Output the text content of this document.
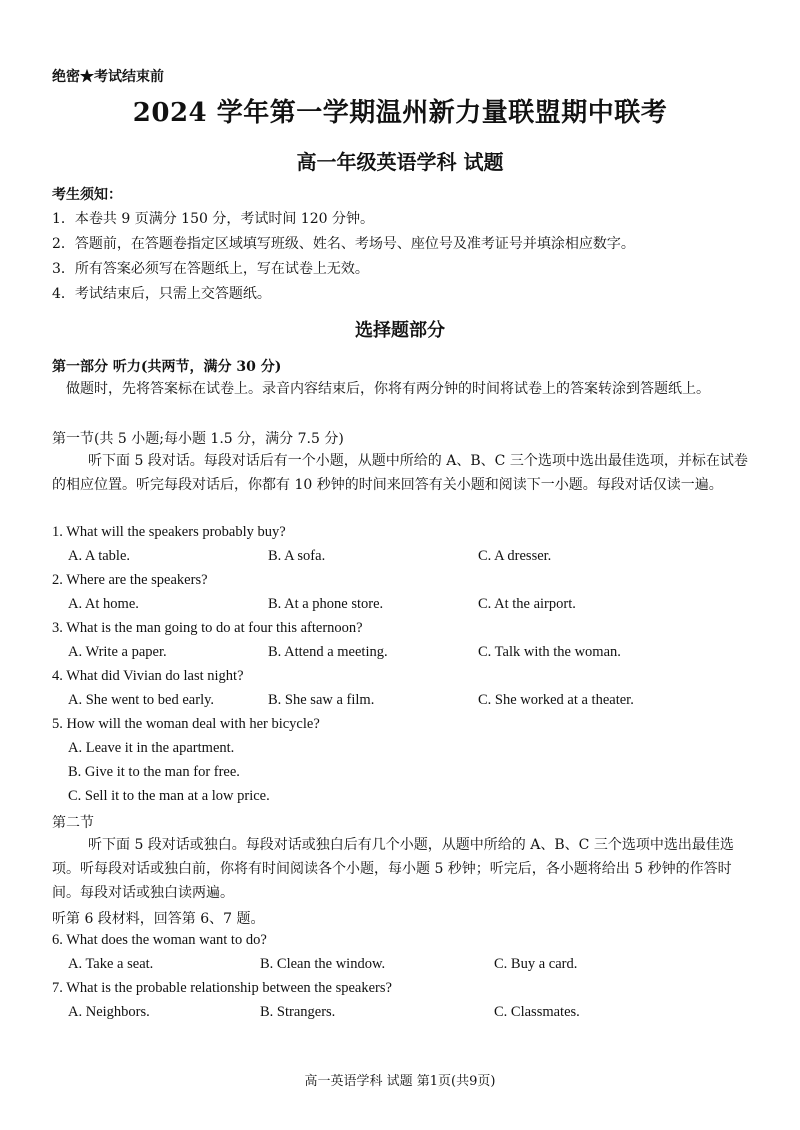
绝密★考试结束前
2024 学年第一学期温州新力量联盟期中联考
高一年级英语学科 试题
考生须知：
1．本卷共 9 页满分 150 分，考试时间 120 分钟。
2．答题前，在答题卷指定区域填写班级、姓名、考场号、座位号及准考证号并填涂相应数字。
3．所有答案必须写在答题纸上，写在试卷上无效。
4．考试结束后，只需上交答题纸。
选择题部分
第一部分 听力(共两节，满分 30 分)
做题时，先将答案标在试卷上。录音内容结束后，你将有两分钟的时间将试卷上的答案转涂到答题纸上。
第一节(共 5 小题;每小题 1.5 分，满分 7.5 分)
听下面 5 段对话。每段对话后有一个小题，从题中所给的 A、B、C 三个选项中选出最佳选项，并标在试卷的相应位置。听完每段对话后，你都有 10 秒钟的时间来回答有关小题和阅读下一小题。每段对话仅读一遍。
1. What will the speakers probably buy?
A. A table.	B. A sofa.	C. A dresser.
2. Where are the speakers?
A. At home.	B. At a phone store.	C. At the airport.
3. What is the man going to do at four this afternoon?
A. Write a paper.	B. Attend a meeting.	C. Talk with the woman.
4. What did Vivian do last night?
A. She went to bed early.	B. She saw a film.	C. She worked at a theater.
5. How will the woman deal with her bicycle?
A. Leave it in the apartment.
B. Give it to the man for free.
C. Sell it to the man at a low price.
第二节
听下面 5 段对话或独白。每段对话或独白后有几个小题，从题中所给的 A、B、C 三个选项中选出最佳选项。听每段对话或独白前，你将有时间阅读各个小题，每小题 5 秒钟；听完后，各小题将给出 5 秒钟的作答时间。每段对话或独白读两遍。
听第 6 段材料，回答第 6、7 题。
6. What does the woman want to do?
A. Take a seat.	B. Clean the window.	C. Buy a card.
7. What is the probable relationship between the speakers?
A. Neighbors.	B. Strangers.	C. Classmates.
高一英语学科 试题 第1页(共9页)
